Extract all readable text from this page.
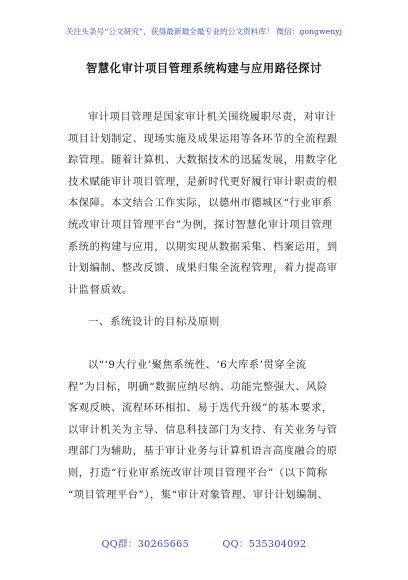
关注头条号“公文研究”，获得最新最全最专业的公文资料库！ 微信：gongwenyj
智慧化审计项目管理系统构建与应用路径探讨
审计项目管理是国家审计机关围绕履职尽责，对审计
项目计划制定、现场实施及成果运用等各环节的全流程跟
踪管理。随着计算机、大数据技术的迅猛发展，用数字化
技术赋能审计项目管理，是新时代更好履行审计职责的根
本保障。本文结合工作实际，以德州市德城区“行业审系
统改审计项目管理平台”为例，探讨智慧化审计项目管理
系统的构建与应用，以期实现从数据采集、档案运用，到
计划编制、整改反馈、成果归集全流程管理，着力提高审
计监督质效。
一、系统设计的目标及原则
以“‘9大行业’聚焦系统性、‘6大库系’贯穿全流
程”为目标，明确“数据应纳尽纳、功能完整强大、风险
客观反映、流程环环相扣、易于迭代升级”的基本要求，
以审计机关为主导、信息科技部门为支持、有关业务与管
理部门为辅助，基于审计业务与计算机语言高度融合的原
则，打造“行业审系统改审计项目管理平台”（以下简称
“项目管理平台”），集“审计对象管理、审计计划编制、
QQ群：30265665          QQ：535304092
